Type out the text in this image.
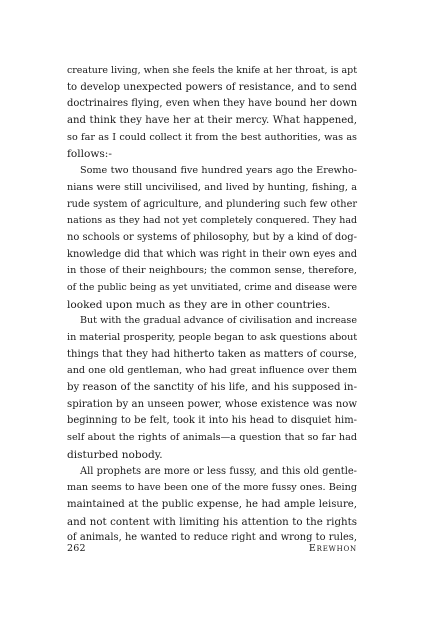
creature living, when she feels the knife at her throat, is apt
to develop unexpected powers of resistance, and to send
doctrinaires flying, even when they have bound her down
and think they have her at their mercy. What happened,
so far as I could collect it from the best authorities, was as
follows:-
Some two thousand five hundred years ago the Erewho-
nians were still uncivilised, and lived by hunting, fishing, a
rude system of agriculture, and plundering such few other
nations as they had not yet completely conquered. They had
no schools or systems of philosophy, but by a kind of dog-
knowledge did that which was right in their own eyes and
in those of their neighbours; the common sense, therefore,
of the public being as yet unvitiated, crime and disease were
looked upon much as they are in other countries.
But with the gradual advance of civilisation and increase
in material prosperity, people began to ask questions about
things that they had hitherto taken as matters of course,
and one old gentleman, who had great influence over them
by reason of the sanctity of his life, and his supposed in-
spiration by an unseen power, whose existence was now
beginning to be felt, took it into his head to disquiet him-
self about the rights of animals—a question that so far had
disturbed nobody.
All prophets are more or less fussy, and this old gentle-
man seems to have been one of the more fussy ones. Being
maintained at the public expense, he had ample leisure,
and not content with limiting his attention to the rights
of animals, he wanted to reduce right and wrong to rules,
262	Erewhon
